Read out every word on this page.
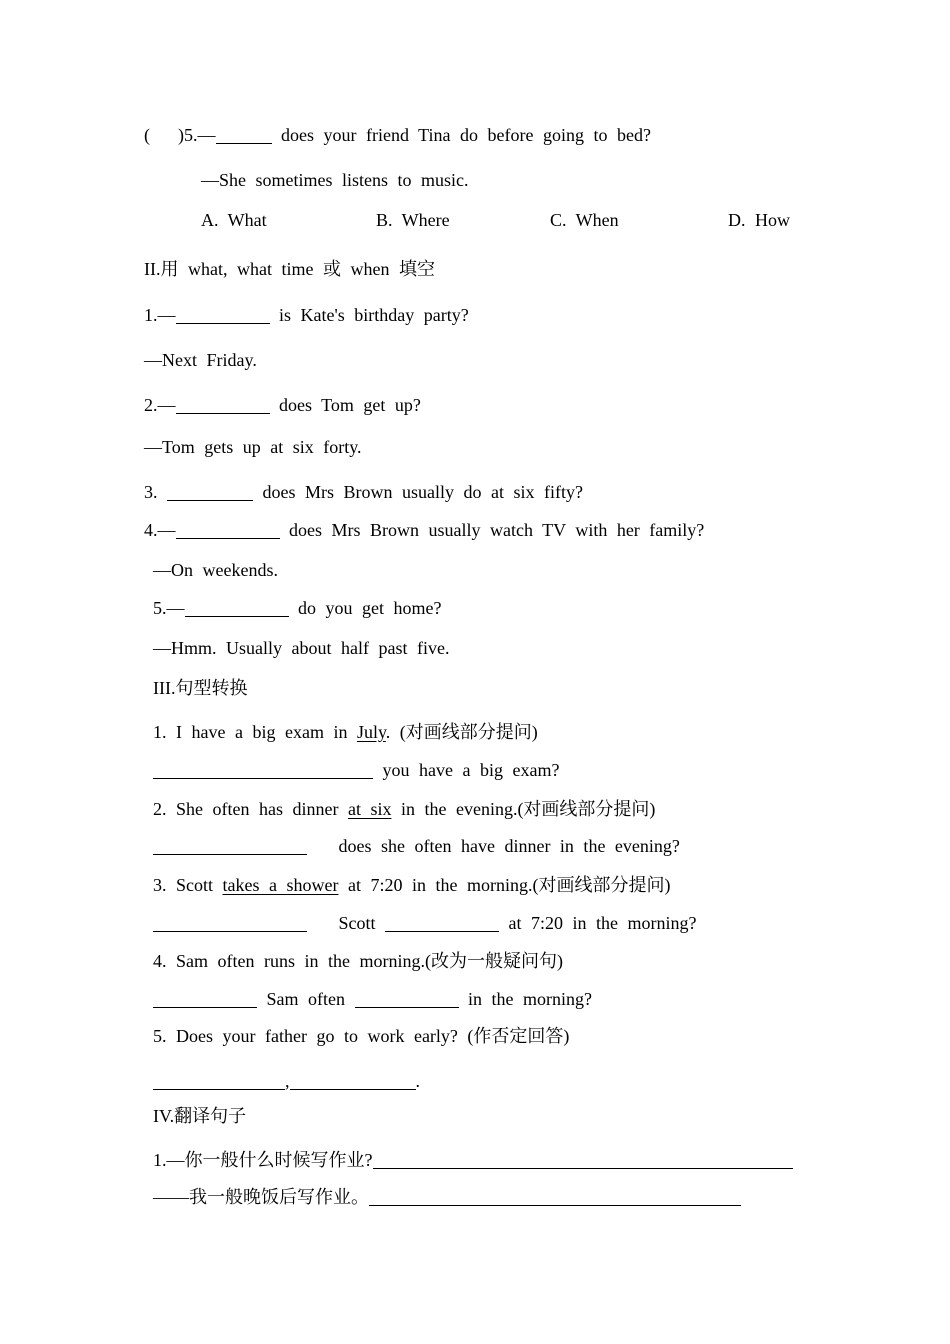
( )5.—	does your friend Tina do before going to bed?
—She sometimes listens to music.
A. What	B. Where	C. When	D. How
II.用 what, what time 或 when 填空
1.—	is Kate's birthday party?
—Next Friday.
2.—	does Tom get up?
—Tom gets up at six forty.
3.	does Mrs Brown usually do at six fifty?
4.—	does Mrs Brown usually watch TV with her family?
—On weekends.
5.—	do you get home?
—Hmm. Usually about half past five.
III.句型转换
1. I have a big exam in July. (对画线部分提问)
you have a big exam?
2. She often has dinner at six in the evening.(对画线部分提问)
does she often have dinner in the evening?
3. Scott takes a shower at 7:20 in the morning.(对画线部分提问)
Scott	at 7:20 in the morning?
4. Sam often runs in the morning.(改为一般疑问句)
Sam often	in the morning?
5. Does your father go to work early? (作否定回答)
,	.
IV.翻译句子
1.—你一般什么时候写作业?
——我一般晚饭后写作业。
